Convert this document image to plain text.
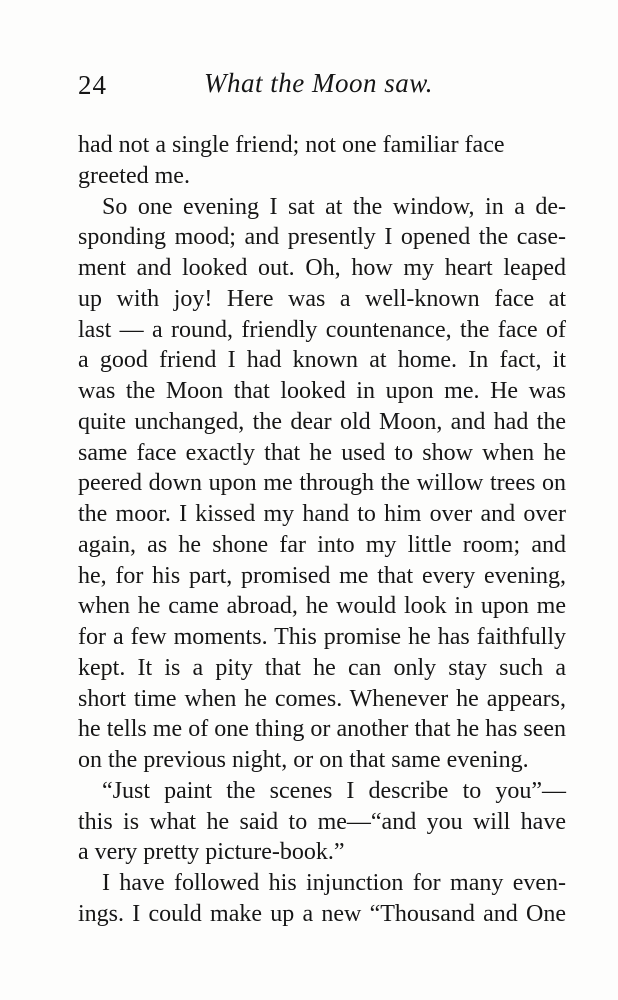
24	What the Moon saw.
had not a single friend; not one familiar face
greeted me.
So one evening I sat at the window, in a de-
sponding mood; and presently I opened the case-
ment and looked out. Oh, how my heart leaped
up with joy! Here was a well-known face at
last — a round, friendly countenance, the face of
a good friend I had known at home. In fact, it
was the Moon that looked in upon me. He was
quite unchanged, the dear old Moon, and had the
same face exactly that he used to show when he
peered down upon me through the willow trees on
the moor. I kissed my hand to him over and over
again, as he shone far into my little room; and
he, for his part, promised me that every evening,
when he came abroad, he would look in upon me
for a few moments. This promise he has faithfully
kept. It is a pity that he can only stay such a
short time when he comes. Whenever he appears,
he tells me of one thing or another that he has seen
on the previous night, or on that same evening.
“Just paint the scenes I describe to you”—
this is what he said to me—“and you will have
a very pretty picture-book.”
I have followed his injunction for many even-
ings. I could make up a new “Thousand and One
